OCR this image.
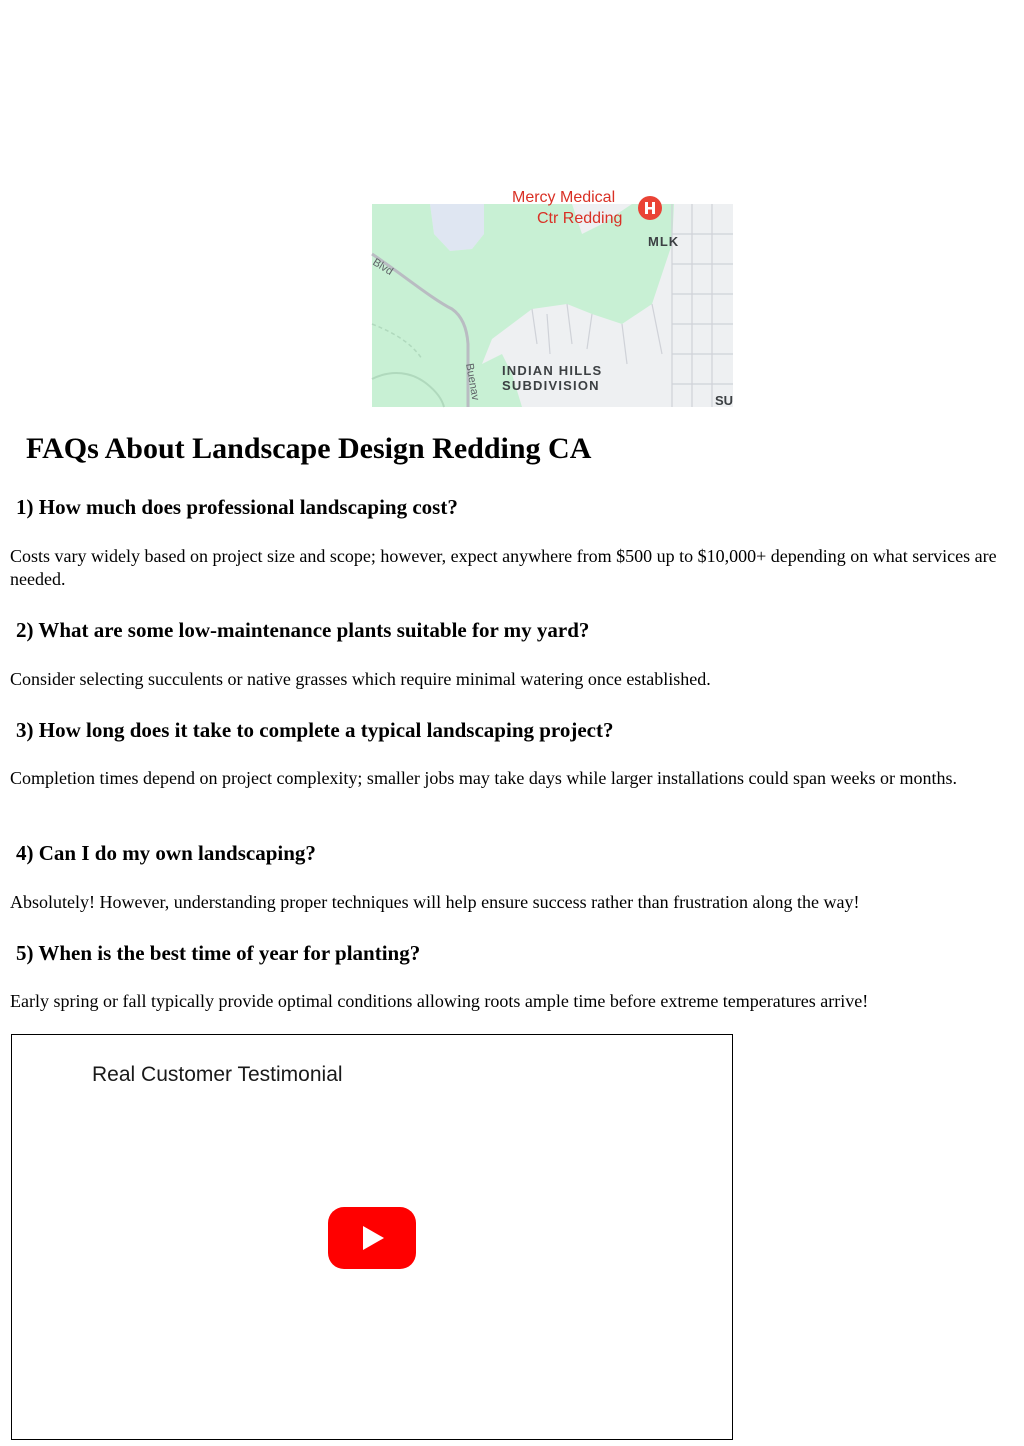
Mercy Medical
Ctr Redding
MLK
Blvd
Buenav INDIAN HILLS
SUBDIVISION
SU
FAQs About Landscape Design Redding CA
1) How much does professional landscaping cost?

Costs vary widely based on project size and scope; however, expect anywhere from $500 up to $10,000+ depending on what services are needed.

2) What are some low-maintenance plants suitable for my yard?

Consider selecting succulents or native grasses which require minimal watering once established.

3) How long does it take to complete a typical landscaping project?

Completion times depend on project complexity; smaller jobs may take days while larger installations could span weeks or months.

4) Can I do my own landscaping?

Absolutely! However, understanding proper techniques will help ensure success rather than frustration along the way!

5) When is the best time of year for planting?

Early spring or fall typically provide optimal conditions allowing roots ample time before extreme temperatures arrive!

Real Customer Testimonial
